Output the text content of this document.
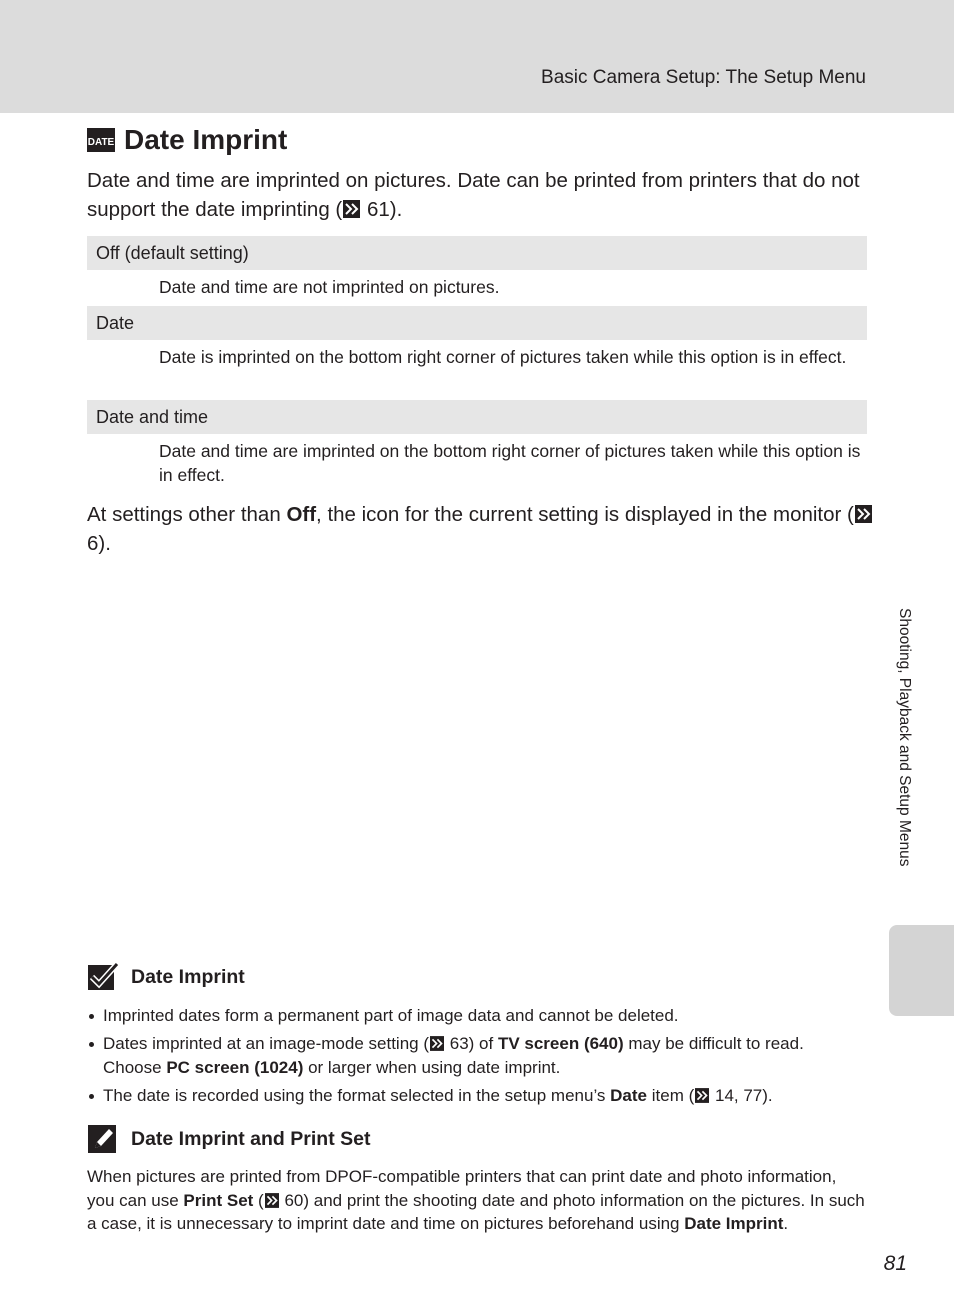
Basic Camera Setup: The Setup Menu
DATE Date Imprint
Date and time are imprinted on pictures. Date can be printed from printers that do not support the date imprinting ( 61).
Off (default setting)
Date and time are not imprinted on pictures.
Date
Date is imprinted on the bottom right corner of pictures taken while this option is in effect.
Date and time
Date and time are imprinted on the bottom right corner of pictures taken while this option is in effect.
At settings other than Off, the icon for the current setting is displayed in the monitor ( 6).
Shooting, Playback and Setup Menus
Date Imprint
Imprinted dates form a permanent part of image data and cannot be deleted.
Dates imprinted at an image-mode setting ( 63) of TV screen (640) may be difficult to read. Choose PC screen (1024) or larger when using date imprint.
The date is recorded using the format selected in the setup menu’s Date item ( 14, 77).
Date Imprint and Print Set
When pictures are printed from DPOF-compatible printers that can print date and photo information, you can use Print Set ( 60) and print the shooting date and photo information on the pictures. In such a case, it is unnecessary to imprint date and time on pictures beforehand using Date Imprint.
81
